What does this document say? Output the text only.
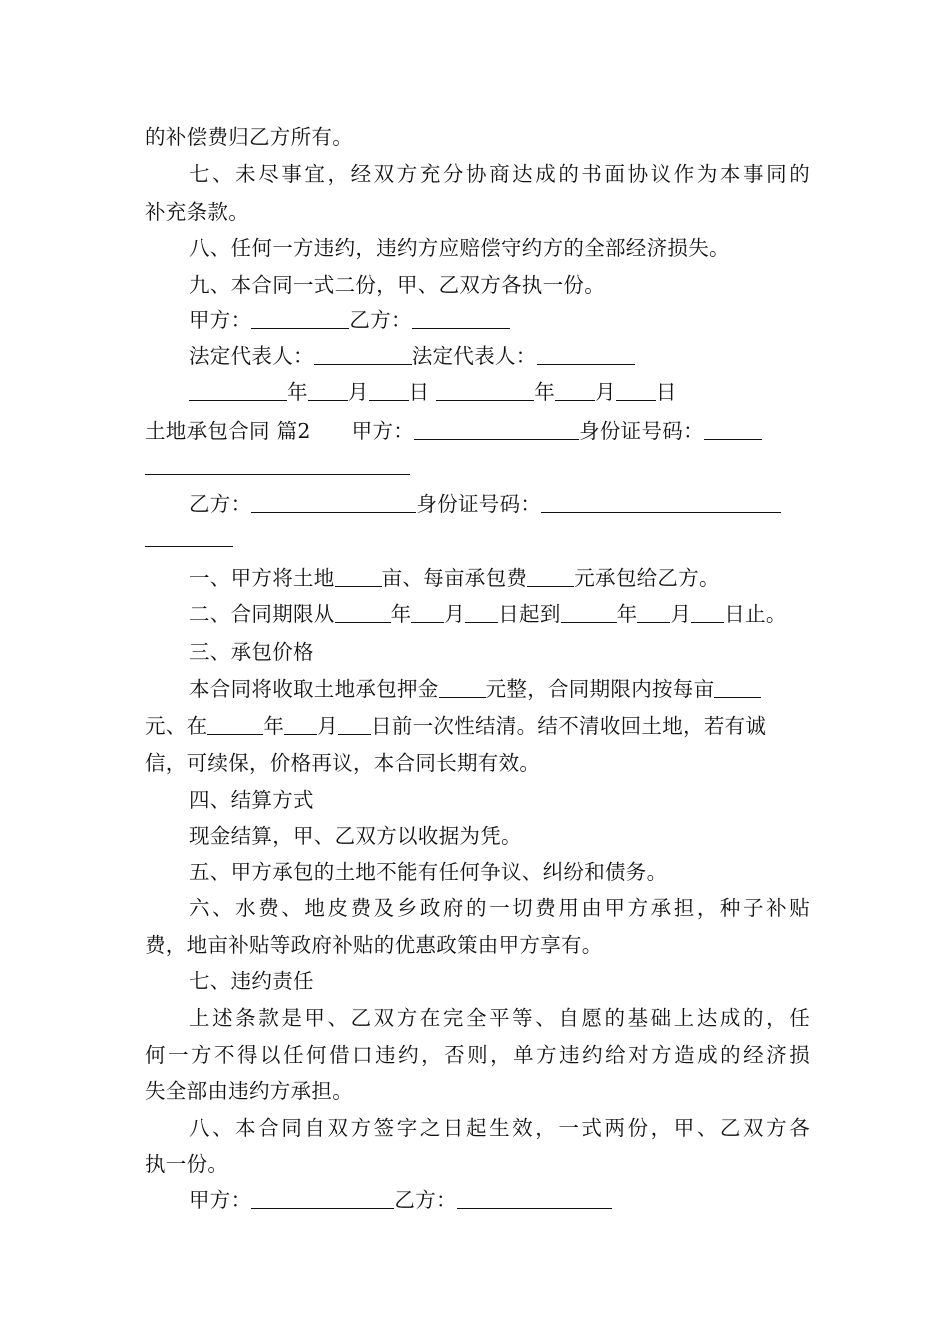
的补偿费归乙方所有。
七、未尽事宜，经双方充分协商达成的书面协议作为本事同的
补充条款。
八、任何一方违约，违约方应赔偿守约方的全部经济损失。
九、本合同一式二份，甲、乙双方各执一份。
甲方：	乙方：
法定代表人：	法定代表人：
年 月 日	年 月 日
土地承包合同 篇2 甲方：	身份证号码：
乙方：	身份证号码：
一、甲方将土地 亩、每亩承包费 元承包给乙方。
二、合同期限从	年 月 日起到	年 月 日止。
三、承包价格
本合同将收取土地承包押金 元整，合同期限内按每亩
元、在	年 月 日前一次性结清。结不清收回土地，若有诚
信，可续保，价格再议，本合同长期有效。
四、结算方式
现金结算，甲、乙双方以收据为凭。
五、甲方承包的土地不能有任何争议、纠纷和债务。
六、水费、地皮费及乡政府的一切费用由甲方承担，种子补贴
费，地亩补贴等政府补贴的优惠政策由甲方享有。
七、违约责任
上述条款是甲、乙双方在完全平等、自愿的基础上达成的，任
何一方不得以任何借口违约，否则，单方违约给对方造成的经济损
失全部由违约方承担。
八、本合同自双方签字之日起生效，一式两份，甲、乙双方各
执一份。
甲方：	乙方：
